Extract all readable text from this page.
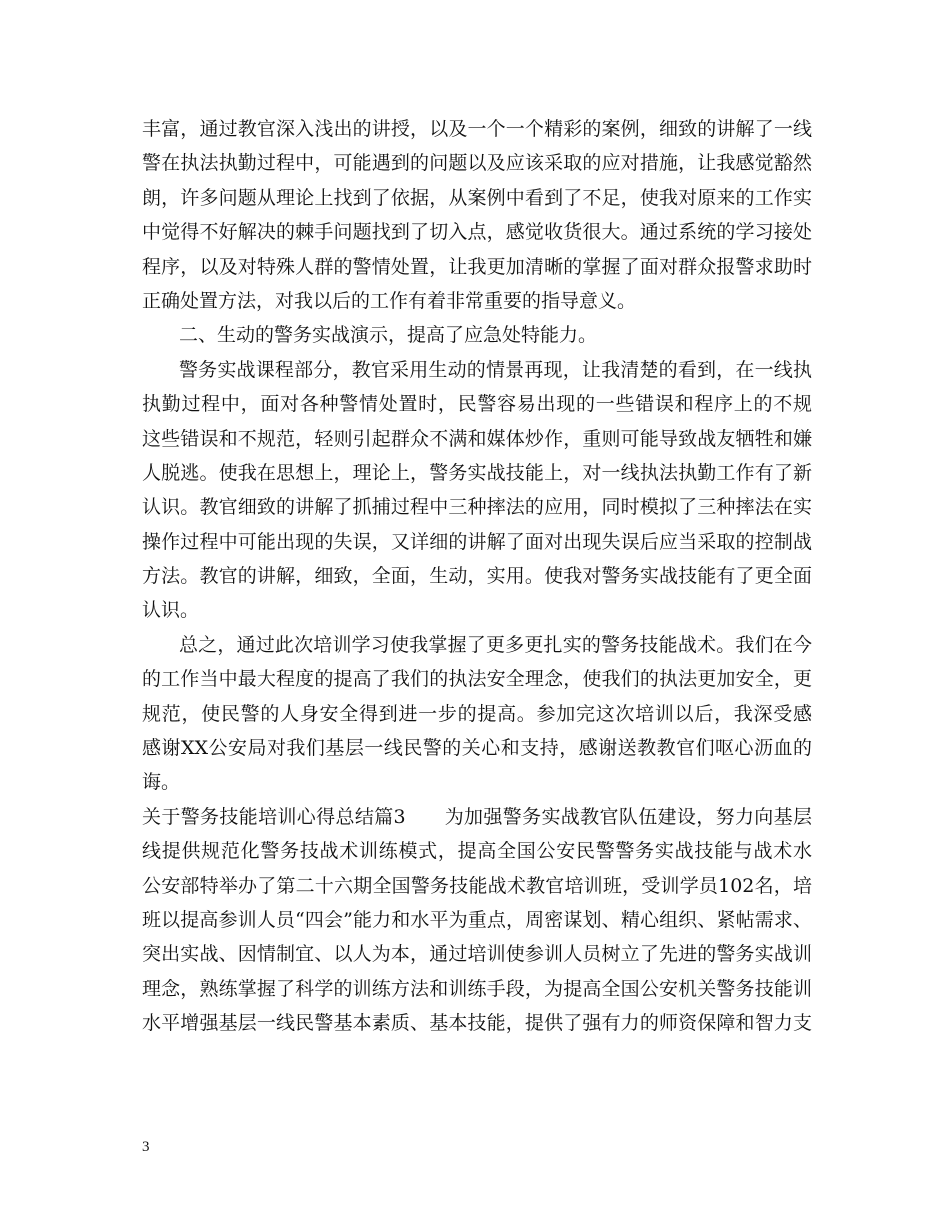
丰富，通过教官深入浅出的讲授，以及一个一个精彩的案例，细致的讲解了一线
警在执法执勤过程中，可能遇到的问题以及应该采取的应对措施，让我感觉豁然
朗，许多问题从理论上找到了依据，从案例中看到了不足，使我对原来的工作实
中觉得不好解决的棘手问题找到了切入点，感觉收货很大。通过系统的学习接处
程序，以及对特殊人群的警情处置，让我更加清晰的掌握了面对群众报警求助时
正确处置方法，对我以后的工作有着非常重要的指导意义。
二、生动的警务实战演示，提高了应急处特能力。
警务实战课程部分，教官采用生动的情景再现，让我清楚的看到，在一线执
执勤过程中，面对各种警情处置时，民警容易出现的一些错误和程序上的不规
这些错误和不规范，轻则引起群众不满和媒体炒作，重则可能导致战友牺牲和嫌
人脱逃。使我在思想上，理论上，警务实战技能上，对一线执法执勤工作有了新
认识。教官细致的讲解了抓捕过程中三种摔法的应用，同时模拟了三种摔法在实
操作过程中可能出现的失误，又详细的讲解了面对出现失误后应当采取的控制战
方法。教官的讲解，细致，全面，生动，实用。使我对警务实战技能有了更全面
认识。
总之，通过此次培训学习使我掌握了更多更扎实的警务技能战术。我们在今
的工作当中最大程度的提高了我们的执法安全理念，使我们的执法更加安全，更
规范，使民警的人身安全得到进一步的提高。参加完这次培训以后，我深受感
感谢XX公安局对我们基层一线民警的关心和支持，感谢送教教官们呕心沥血的
诲。
关于警务技能培训心得总结篇3　　为加强警务实战教官队伍建设，努力向基层
线提供规范化警务技战术训练模式，提高全国公安民警警务实战技能与战术水
公安部特举办了第二十六期全国警务技能战术教官培训班，受训学员102名，培
班以提高参训人员“四会”能力和水平为重点，周密谋划、精心组织、紧帖需求、
突出实战、因情制宜、以人为本，通过培训使参训人员树立了先进的警务实战训
理念，熟练掌握了科学的训练方法和训练手段，为提高全国公安机关警务技能训
水平增强基层一线民警基本素质、基本技能，提供了强有力的师资保障和智力支
3
